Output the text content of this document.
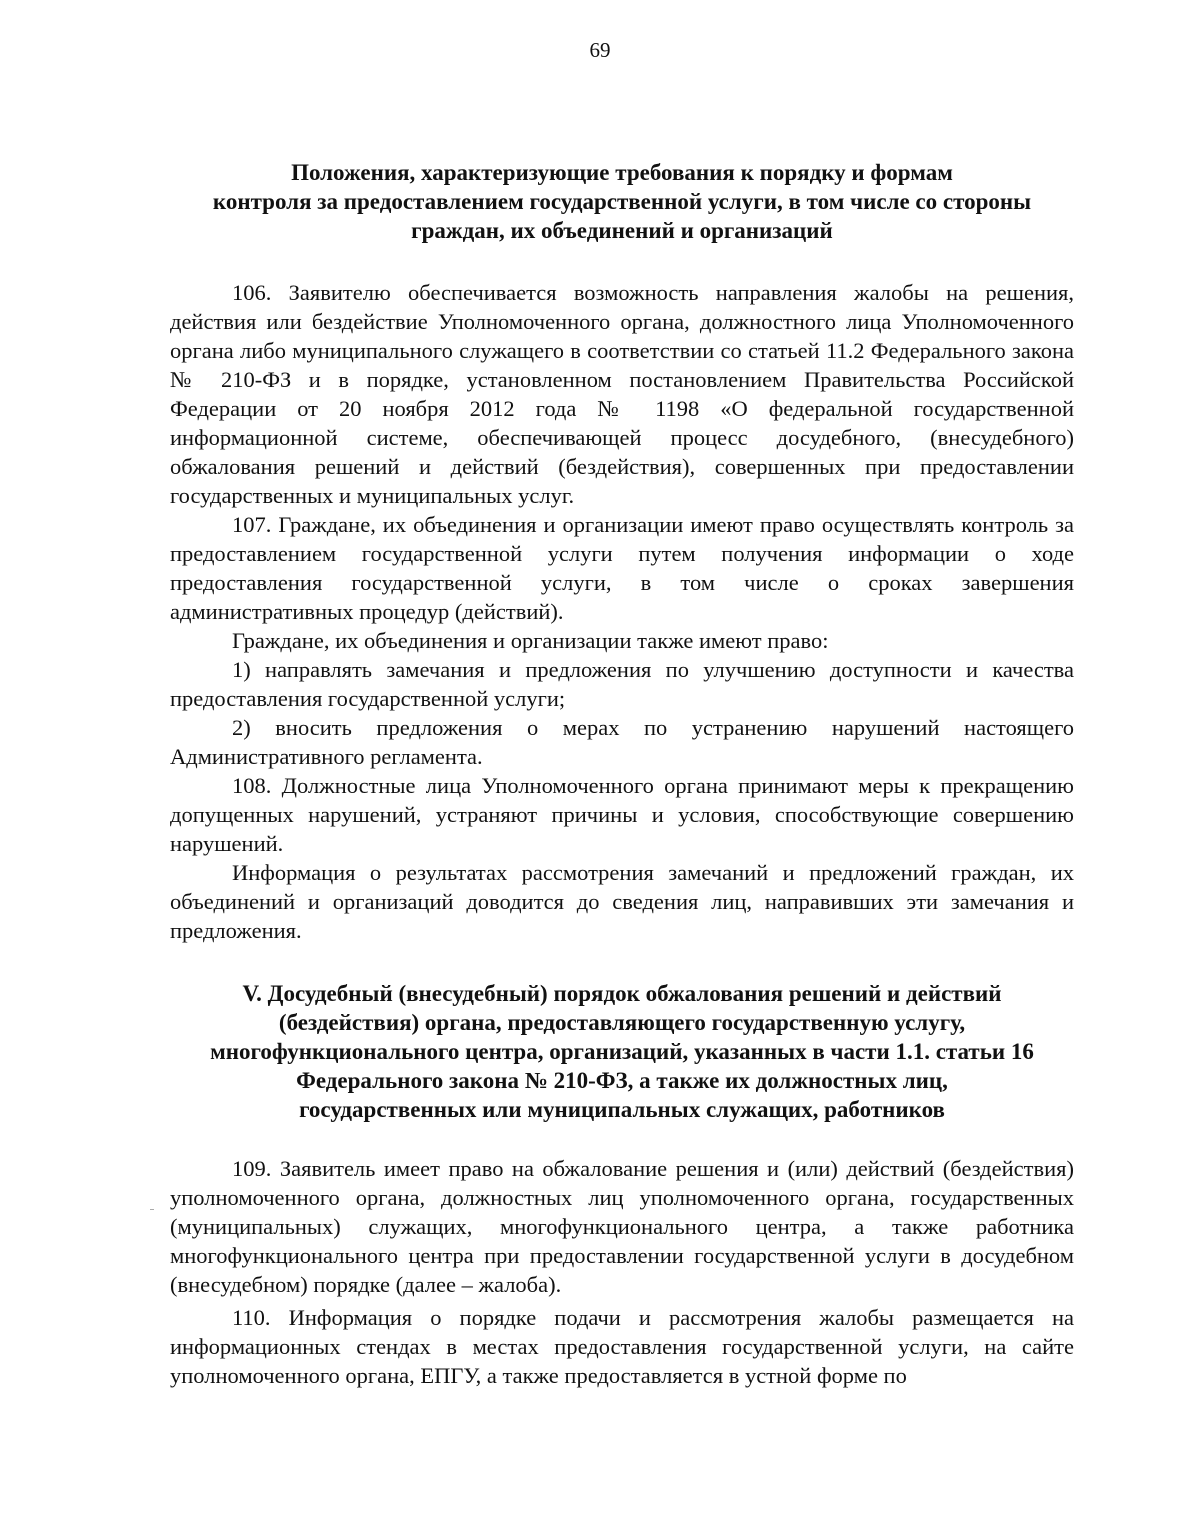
69
Положения, характеризующие требования к порядку и формам
контроля за предоставлением государственной услуги, в том числе со стороны
граждан, их объединений и организаций

106. Заявителю обеспечивается возможность направления жалобы на решения, действия или бездействие Уполномоченного органа, должностного лица Уполномоченного органа либо муниципального служащего в соответствии со статьей 11.2 Федерального закона № 210-ФЗ и в порядке, установленном постановлением Правительства Российской Федерации от 20 ноября 2012 года № 1198 «О федеральной государственной информационной системе, обеспечивающей процесс досудебного, (внесудебного) обжалования решений и действий (бездействия), совершенных при предоставлении государственных и муниципальных услуг.

107. Граждане, их объединения и организации имеют право осуществлять контроль за предоставлением государственной услуги путем получения информации о ходе предоставления государственной услуги, в том числе о сроках завершения административных процедур (действий).

Граждане, их объединения и организации также имеют право:

1) направлять замечания и предложения по улучшению доступности и качества предоставления государственной услуги;

2) вносить предложения о мерах по устранению нарушений настоящего Административного регламента.

108. Должностные лица Уполномоченного органа принимают меры к прекращению допущенных нарушений, устраняют причины и условия, способствующие совершению нарушений.

Информация о результатах рассмотрения замечаний и предложений граждан, их объединений и организаций доводится до сведения лиц, направивших эти замечания и предложения.

V. Досудебный (внесудебный) порядок обжалования решений и действий
(бездействия) органа, предоставляющего государственную услугу,
многофункционального центра, организаций, указанных в части 1.1. статьи 16
Федерального закона № 210-ФЗ, а также их должностных лиц,
государственных или муниципальных служащих, работников

109. Заявитель имеет право на обжалование решения и (или) действий (бездействия) уполномоченного органа, должностных лиц уполномоченного органа, государственных (муниципальных) служащих, многофункционального центра, а также работника многофункционального центра при предоставлении государственной услуги в досудебном (внесудебном) порядке (далее – жалоба).

110. Информация о порядке подачи и рассмотрения жалобы размещается на информационных стендах в местах предоставления государственной услуги, на сайте уполномоченного органа, ЕПГУ, а также предоставляется в устной форме по
